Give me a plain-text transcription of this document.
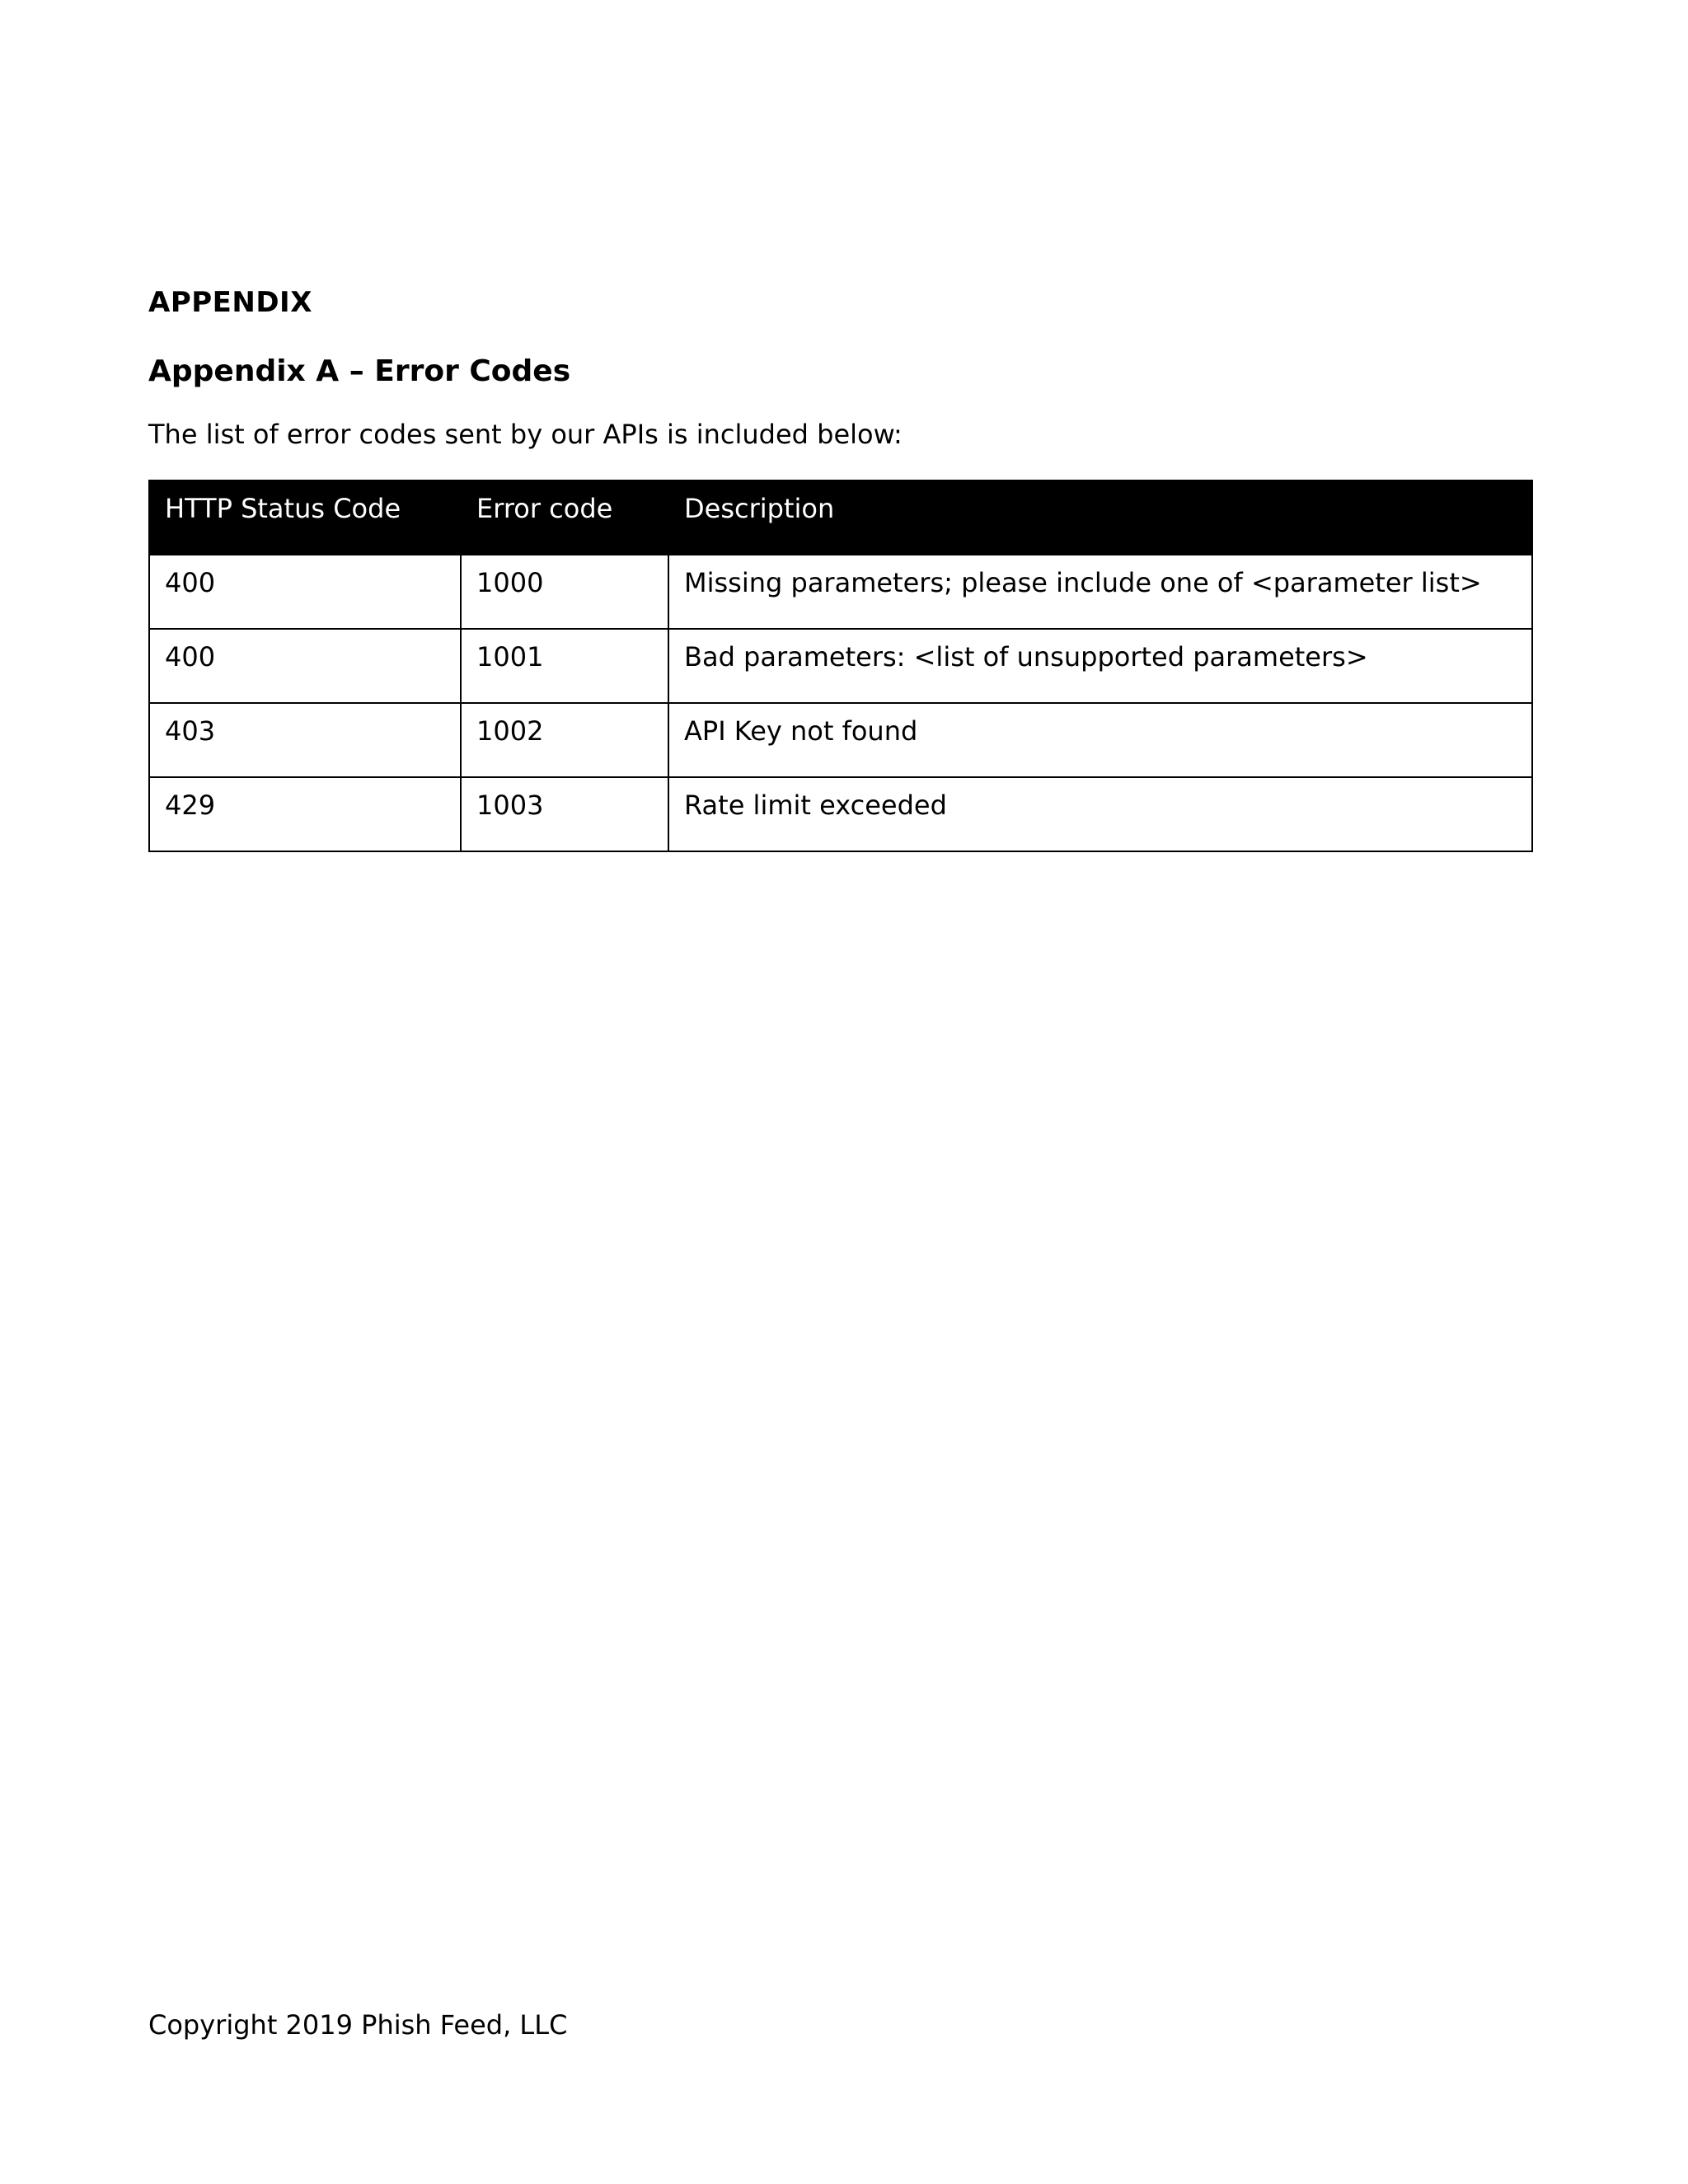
APPENDIX
Appendix A – Error Codes
The list of error codes sent by our APIs is included below:
HTTP Status Code	Error code	Description
400	1000	Missing parameters; please include one of <parameter list>
400	1001	Bad parameters: <list of unsupported parameters>
403	1002	API Key not found
429	1003	Rate limit exceeded
Copyright 2019 Phish Feed, LLC
